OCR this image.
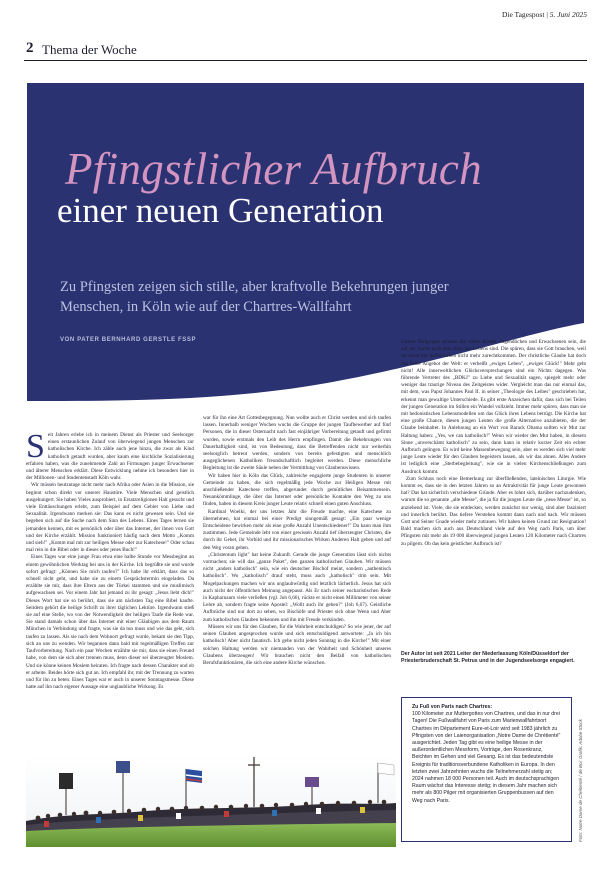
Die Tagespost | 5. Juni 2025
2 Thema der Woche
Pfingstlicher Aufbruch
einer neuen Generation
Zu Pfingsten zeigen sich stille, aber kraftvolle Bekehrungen junger Menschen, in Köln wie auf der Chartres-Wallfahrt
VON PATER BERNHARD GERSTLE FSSP

Seit Jahren erlebe ich in meinem Dienst als Priester und Seelsorger einen erstaunlichen Zulauf von überwiegend jungen Menschen zur katholischen Kirche. Ich zähle auch jene hinzu, die zwar als Kind katholisch getauft wurden, aber kaum eine kirchliche Sozialisierung erfahren haben, was die zunehmende Zahl an Firmungen junger Erwachsener und älterer Menschen erklärt. Diese Entwicklung nehme ich besonders hier in der Millionen- und Studentenstadt Köln wahr.

Wir müssen heutzutage nicht mehr nach Afrika oder Asien in die Mission, sie beginnt schon direkt vor unserer Haustüre. Viele Menschen sind geistlich ausgehungert. Sie haben Vieles ausprobiert, in Ersatzreligionen Halt gesucht und viele Enttäuschungen erlebt, zum Beispiel auf dem Gebiet von Liebe und Sexualität. Irgendwann merken sie: Das kann es nicht gewesen sein. Und sie begeben sich auf die Suche nach dem Sinn des Lebens. Eines Tages lernen sie jemanden kennen, mit es persönlich oder über das Internet, der ihnen von Gott und der Kirche erzählt. Mission funktioniert häufig nach dem Motto „Komm und sieh!" „Komm mal mit zur heiligen Messe oder zur Katechese!" Oder schau mal rein in die Bibel oder in dieses oder jenes Buch!"

Eines Tages war eine junge Frau etwa eine halbe Stunde vor Messbeginn an einem gewöhnlichen Werktag bei uns in der Kirche. Ich begrüßte sie und wurde sofort gefragt: „Können Sie mich taufen?" Ich habe ihr erklärt, dass das so schnell nicht geht, und habe sie zu einem Gesprächstermin eingeladen. Da erzählte sie mir, dass ihre Eltern aus der Türkei stammen und sie muslimisch aufgewachsen sei. Vor einem Jahr hat jemand zu ihr gesagt: „Jesus liebt dich!" Dieses Wort hat sie so berührt, dass sie am nächsten Tag eine Bibel kaufte. Seitdem gehört die heilige Schrift zu ihrer täglichen Lektüre. Irgendwann stieß sie auf eine Stelle, wo von der Notwendigkeit der heiligen Taufe die Rede war. Sie stand damals schon über das Internet mit einer Gläubigen aus dem Raum München in Verbindung und fragte, was sie da tun muss und wie das geht, sich taufen zu lassen. Als sie nach dem Wohnort gefragt wurde, bekam sie den Tipp, sich an uns zu wenden. Wir begannen dann bald mit regelmäßigen Treffen zur Taufvorbereitung. Nach ein paar Wochen erzählte sie mir, dass sie einen Freund habe, von dem sie sich aber trennen muss, denn dieser sei überzeugter Moslem. Und sie könne keinen Moslem heiraten. Ich fragte nach dessen Charakter und ob er arbeite. Beides hörte sich gut an. Ich empfahl ihr, mit der Trennung zu warten und für ihn zu beten. Eines Tages war er auch in unserer Sonntagsmesse. Diese hatte auf ihn nach eigener Aussage eine unglaubliche Wirkung. Es

war für ihn eine Art Gottesbegegnung. Nun wollte auch er Christ werden und sich taufen lassen. Innerhalb weniger Wochen wuchs die Gruppe der jungen Taufbewerber auf fünf Personen, die in dieser Osternacht nach fast einjähriger Vorbereitung getauft und gefirmt wurden, sowie erstmals den Leib des Herrn empfingen. Damit die Bekehrungen von Dauerhaftigkeit sind, ist von Bedeutung, dass die Betreffenden nicht nur weiterhin seelsorglich betreut werden, sondern von bereits gefestigten und menschlich ausgeglichenen Katholiken freundschaftlich begleitet werden. Diese menschliche Begleitung ist die zweite Säule neben der Vermittlung von Glaubenswissen.

Wir haben hier in Köln das Glück, zahlreiche engagierte junge Studenten in unserer Gemeinde zu haben, die sich regelmäßig jede Woche zur Heiligen Messe mit anschließender Katechese treffen, abgerundet durch gemütliches Beisammensein. Neuankömmlinge, die über das Internet oder persönliche Kontakte den Weg zu uns finden, haben in diesem Kreis junger Leute relativ schnell einen guten Anschluss.

Kardinal Woelki, der uns letztes Jahr die Freude machte, eine Katechese zu übernehmen, hat einmal bei einer Predigt sinngemäß gesagt: „Ein paar wenige Entscheidene bewirken mehr als eine große Anzahl Unentschiedener!" Da kann man ihm zustimmen. Jede Gemeinde lebt von einer gewissen Anzahl tief überzeugter Christen, die durch ihr Gebet, ihr Vorbild und ihr missionarisches Wirken Anderen Halt geben und auf den Weg voran gehen.

„Christentum light" hat keine Zukunft. Gerade die junge Generation lässt sich nichts vormachen; sie will das „ganze Paket", den ganzen katholischen Glauben. Wir müssen nicht „anders katholisch" sein, wie ein deutscher Bischof meint, sondern „authentisch katholisch". Wo „katholisch" drauf steht, muss auch „katholisch" drin sein. Mit Mogelpackungen machen wir uns unglaubwürdig und letztlich lächerlich. Jesus hat sich auch nicht der öffentlichen Meinung angepasst. Als Er nach seiner eucharistischen Rede in Kapharnaum viele verließen (vgl. Joh 6,66), rückte er nicht einen Millimeter von seiner Lehre ab, sondern fragte seine Apostel: „Wollt auch ihr gehen?" (Joh 6,67). Geistliche Aufbrüche sind nur dort zu sehen, wo Bischöfe und Priester sich ohne Wenn und Aber zum katholischen Glauben bekennen und ihn mit Freude verkünden.

Müssen wir uns für den Glauben, für die Wahrheit entschuldigen? So wie jener, der auf seinen Glauben angesprochen wurde und sich entschuldigend antwortete: „Ja ich bin katholisch! Aber nicht fanatisch. Ich gehe nicht jeden Sonntag in die Kirche!" Mit einer solchen Haltung werden wir niemanden von der Wahrheit und Schönheit unseres Glaubens überzeugen! Wir brauchen nicht den Beifall von katholischen Berufsfunktionären, die sich eine andere Kirche wünschen.

Unsere Zielgruppe müssen die vielen Kinder, Jugendlichen und Erwachsenen sein, die auf der Suche nach dem Sinn des Lebens sind. Die spüren, dass sie Gott brauchen, weil sie sonst mit ihrem Leben nicht mehr zurechtkommen. Der christliche Glaube hat doch das beste Angebot der Welt: er verheißt „ewiges Leben", „ewiges Glück!" Mehr geht nicht! Alle innerweltlichen Glücksversprechungen sind ein Nichts dagegen. Was führende Vertreter des „BDKJ" zu Liebe und Sexualität sagen, spiegelt mehr oder weniger das traurige Niveau des Zeitgeistes wider. Vergleicht man das nur einmal das, mit dem, was Papst Johannes Paul II. in seiner „Theologie des Leibes" geschrieben hat, erkennt man gewaltige Unterschiede. Es gibt erste Anzeichen dafür, dass sich bei Teilen der jungen Generation im Stillen ein Wandel vollzieht. Immer mehr spüren, dass man sie mit hedonistischen Lebensmodellen um das Glück ihres Lebens betrügt. Die Kirche hat eine große Chance, diesen jungen Leuten die große Alternative anzubieten, die der Glaube beinhaltet. In Anlehnung an ein Wort von Barack Obama sollten wir Mut zur Haltung haben: „Yes, we can katholisch!" Wenn wir wieder den Mut haben, in diesem Sinne „unverschämt katholisch" zu sein, dann kann in relativ kurzer Zeit ein echter Aufbruch gelingen. Es wird keine Massenbewegung sein, aber es werden sich viel mehr junge Leute wieder für den Glauben begeistern lassen, als wir das ahnen. Alles Andere ist lediglich eine „Sterbebegleitung", wie sie in vielen Kirchenschließungen zum Ausdruck kommt.

Zum Schluss noch eine Bemerkung zur überfließenden, lateinischen Liturgie. Wie kommt es, dass sie in den letzten Jahren so an Attraktivität für junge Leute gewonnen hat? Das hat sicherlich verschiedene Gründe. Aber es lohnt sich, darüber nachzudenken, warum die so genannte „alte Messe", die ja für die jungen Leute die „neue Messe" ist, so anziehend ist. Viele, die sie entdecken, werden zunächst nur wenig, sind aber fasziniert und innerlich berührt. Das tiefere Verstehen kommt dann nach und nach. Wir müssen Gott und Seiner Gnade wieder mehr zutrauen. Wir haben keinen Grund zur Resignation! Bald machen sich auch aus Deutschland viele auf den Weg nach Paris, um über Pfingsten mit mehr als 19 000 überwiegend jungen Leuten 120 Kilometer nach Chartres zu pilgern. Ob das kein geistlicher Aufbruch ist?

Der Autor ist seit 2021 Leiter der Niederlassung Köln/Düsseldorf der Priesterbruderschaft St. Petrus und in der Jugendseelsorge engagiert.
Zu Fuß von Paris nach Chartres:
100 Kilometer zur Muttergottes von Chartres, und das in nur drei Tagen! Die Fußwallfahrt von Paris zum Marienwallfahrtsort Chartres im Département Eure-et-Loir wird seit 1983 jährlich zu Pfingsten von der Laienorganisation „Notre Dame de Chrétienté" ausgerichtet. Jeden Tag gibt es eine heilige Messe in der außerordentlichen Messform, Vorträge, den Rosenkranz, Beichten im Gehen und viel Gesang. Es ist das bedeutendste Ereignis für traditionsverbundene Katholiken in Europa. In den letzten zwei Jahrzehnten wuchs die Teilnehmerzahl stetig an; 2024 nahmen 18 000 Personen teil. Auch im deutschsprachigen Raum wächst das Interesse stetig; in diesem Jahr machen sich mehr als 800 Pilger mit organisierten Gruppenbussen auf den Weg nach Paris.	Foto: Notre Dame de Chrétienté / de Boi; Grafik: Adobe Stock
